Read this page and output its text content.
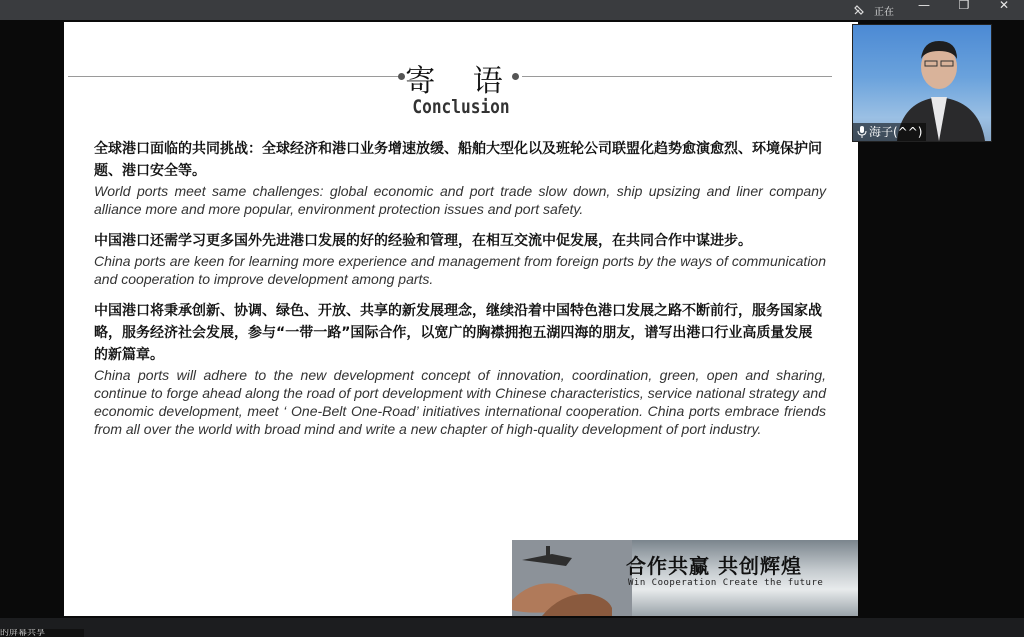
正在	—	❐	✕
寄 语
Conclusion
全球港口面临的共同挑战：全球经济和港口业务增速放缓、船舶大型化以及班轮公司联盟化趋势愈演愈烈、环境保护问题、港口安全等。
World ports meet same challenges: global economic and port trade slow down, ship upsizing and liner company alliance more and more popular, environment protection issues and port safety.
中国港口还需学习更多国外先进港口发展的好的经验和管理，在相互交流中促发展，在共同合作中谋进步。
China ports are keen for learning more experience and management from foreign ports by the ways of communication and cooperation to improve development among parts.
中国港口将秉承创新、协调、绿色、开放、共享的新发展理念，继续沿着中国特色港口发展之路不断前行，服务国家战略，服务经济社会发展，参与“一带一路”国际合作，以宽广的胸襟拥抱五湖四海的朋友，谱写出港口行业高质量发展的新篇章。
China ports will adhere to the new development concept of innovation, coordination, green, open and sharing, continue to forge ahead along the road of port development with Chinese characteristics, service national strategy and economic development, meet ‘ One-Belt One-Road’ initiatives international cooperation. China ports embrace friends from all over the world with broad mind and write a new chapter of high-quality development of port industry.
合作共赢 共创辉煌
Win Cooperation Create the future
海子(^^)
的屏幕共享
